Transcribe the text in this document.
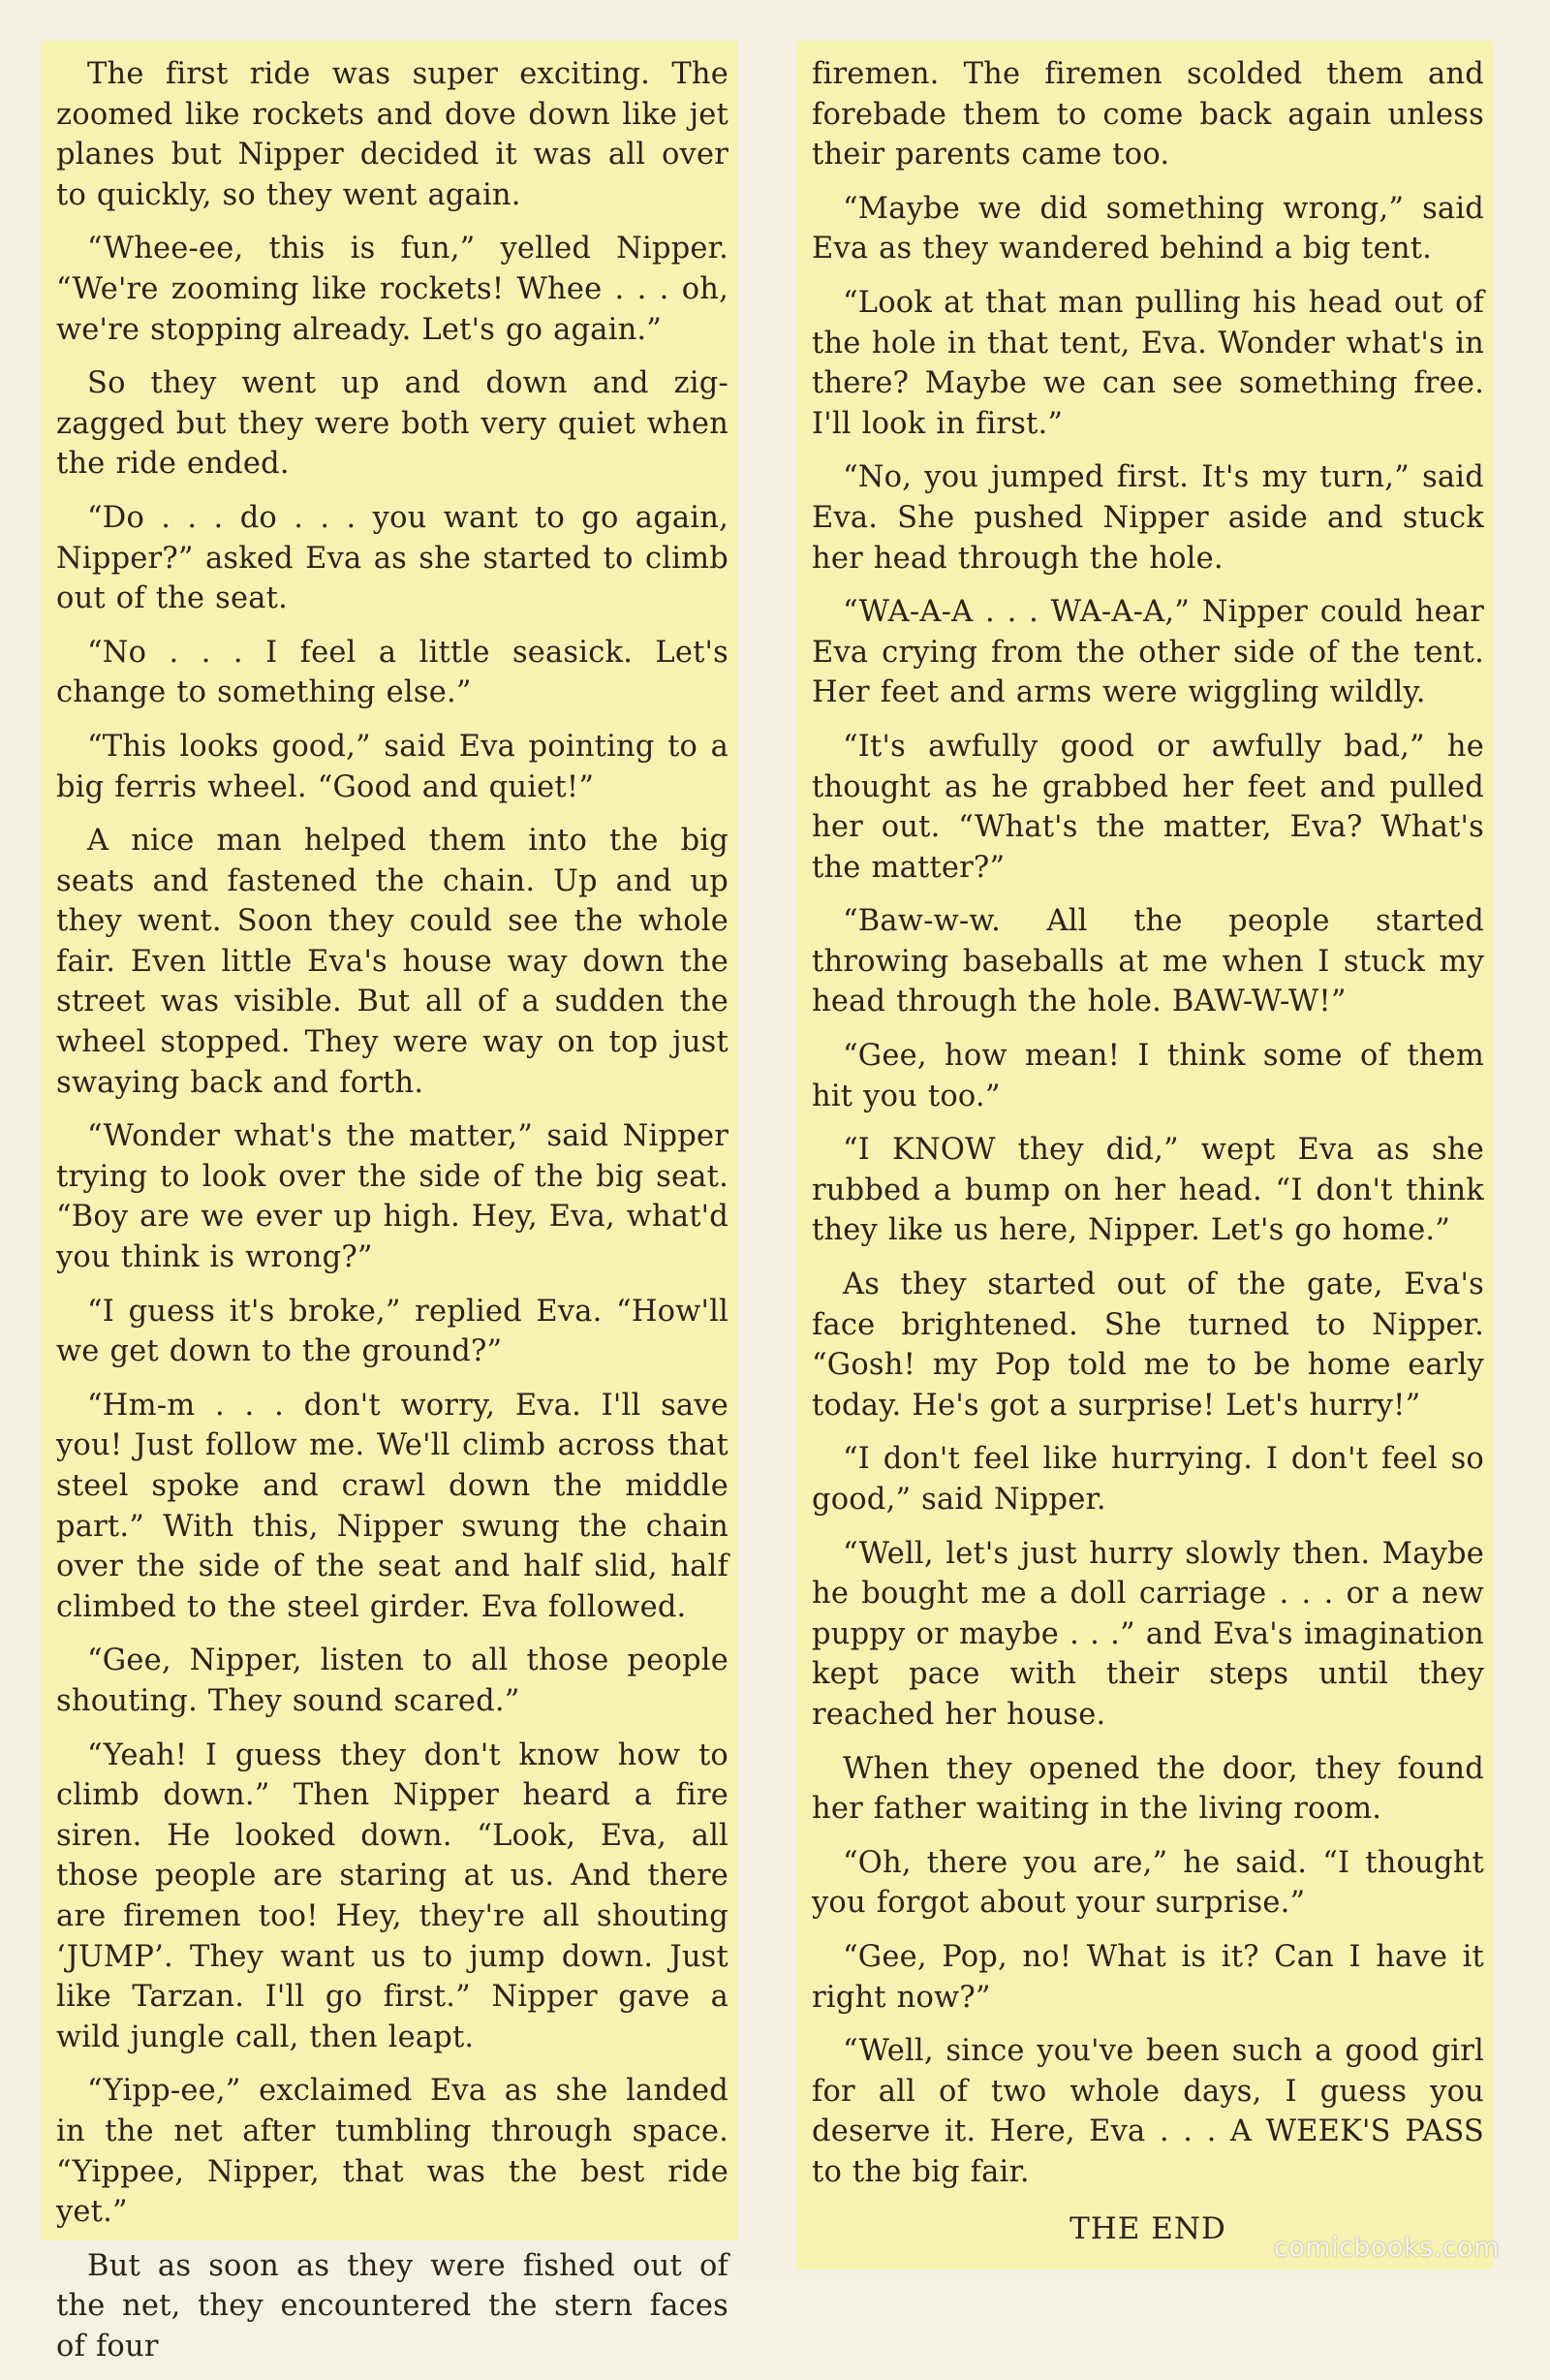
The first ride was super exciting. The zoomed like rockets and dove down like jet planes but Nipper decided it was all over to quickly, so they went again.

“Whee-ee, this is fun,” yelled Nipper. “We're zooming like rockets! Whee . . . oh, we're stopping already. Let's go again.”

So they went up and down and zig-zagged but they were both very quiet when the ride ended.

“Do . . . do . . . you want to go again, Nipper?” asked Eva as she started to climb out of the seat.

“No . . . I feel a little seasick. Let's change to something else.”

“This looks good,” said Eva pointing to a big ferris wheel. “Good and quiet!”

A nice man helped them into the big seats and fastened the chain. Up and up they went. Soon they could see the whole fair. Even little Eva's house way down the street was visible. But all of a sudden the wheel stopped. They were way on top just swaying back and forth.

“Wonder what's the matter,” said Nipper trying to look over the side of the big seat. “Boy are we ever up high. Hey, Eva, what'd you think is wrong?”

“I guess it's broke,” replied Eva. “How'll we get down to the ground?”

“Hm-m . . . don't worry, Eva. I'll save you! Just follow me. We'll climb across that steel spoke and crawl down the middle part.” With this, Nipper swung the chain over the side of the seat and half slid, half climbed to the steel girder. Eva followed.

“Gee, Nipper, listen to all those people shouting. They sound scared.”

“Yeah! I guess they don't know how to climb down.” Then Nipper heard a fire siren. He looked down. “Look, Eva, all those people are staring at us. And there are firemen too! Hey, they're all shouting ‘JUMP’. They want us to jump down. Just like Tarzan. I'll go first.” Nipper gave a wild jungle call, then leapt.

“Yipp-ee,” exclaimed Eva as she landed in the net after tumbling through space. “Yippee, Nipper, that was the best ride yet.”

But as soon as they were fished out of the net, they encountered the stern faces of four

firemen. The firemen scolded them and forebade them to come back again unless their parents came too.

“Maybe we did something wrong,” said Eva as they wandered behind a big tent.

“Look at that man pulling his head out of the hole in that tent, Eva. Wonder what's in there? Maybe we can see something free. I'll look in first.”

“No, you jumped first. It's my turn,” said Eva. She pushed Nipper aside and stuck her head through the hole.

“WA-A-A . . . WA-A-A,” Nipper could hear Eva crying from the other side of the tent. Her feet and arms were wiggling wildly.

“It's awfully good or awfully bad,” he thought as he grabbed her feet and pulled her out. “What's the matter, Eva? What's the matter?”

“Baw-w-w. All the people started throwing baseballs at me when I stuck my head through the hole. BAW-W-W!”

“Gee, how mean! I think some of them hit you too.”

“I KNOW they did,” wept Eva as she rubbed a bump on her head. “I don't think they like us here, Nipper. Let's go home.”

As they started out of the gate, Eva's face brightened. She turned to Nipper. “Gosh! my Pop told me to be home early today. He's got a surprise! Let's hurry!”

“I don't feel like hurrying. I don't feel so good,” said Nipper.

“Well, let's just hurry slowly then. Maybe he bought me a doll carriage . . . or a new puppy or maybe . . .” and Eva's imagination kept pace with their steps until they reached her house.

When they opened the door, they found her father waiting in the living room.

“Oh, there you are,” he said. “I thought you forgot about your surprise.”

“Gee, Pop, no! What is it? Can I have it right now?”

“Well, since you've been such a good girl for all of two whole days, I guess you deserve it. Here, Eva . . . A WEEK'S PASS to the big fair.

THE END
comicbooks.com
